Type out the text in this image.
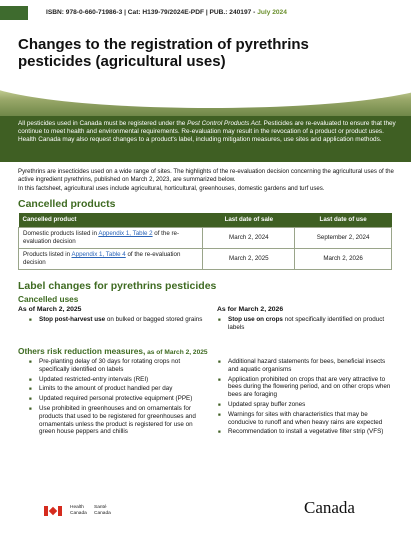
ISBN: 978-0-660-71986-3 | Cat: H139-79/2024E-PDF | PUB.: 240197 - July 2024
Changes to the registration of pyrethrins pesticides (agricultural uses)
All pesticides used in Canada must be registered under the Pest Control Products Act. Pesticides are re-evaluated to ensure that they continue to meet health and environmental requirements. Re-evaluation may result in the revocation of a product or product uses. Health Canada may also request changes to a product's label, including mitigation measures, use sites and application methods.
Pyrethrins are insecticides used on a wide range of sites. The highlights of the re-evaluation decision concerning the agricultural uses of the active ingredient pyrethrins, published on March 2, 2023, are summarized below.
In this factsheet, agricultural uses include agricultural, horticultural, greenhouses, domestic gardens and turf uses.
Cancelled products
Cancelled product	Last date of sale	Last date of use
Domestic products listed in Appendix 1, Table 2 of the re-evaluation decision	March 2, 2024	September 2, 2024
Products listed in Appendix 1, Table 4 of the re-evaluation decision	March 2, 2025	March 2, 2026
Label changes for pyrethrins pesticides
Cancelled uses
As of March 2, 2025
■ Stop post-harvest use on bulked or bagged stored grains
As for March 2, 2026
■ Stop use on crops not specifically identified on product labels
Others risk reduction measures, as of March 2, 2025
■ Pre-planting delay of 30 days for rotating crops not specifically identified on labels
■ Updated restricted-entry intervals (REI)
■ Limits to the amount of product handled per day
■ Updated required personal protective equipment (PPE)
■ Use prohibited in greenhouses and on ornamentals for products that used to be registered for greenhouses and ornamentals unless the product is registered for use on green house peppers and chillis
■ Additional hazard statements for bees, beneficial insects and aquatic organisms
■ Application prohibited on crops that are very attractive to bees during the flowering period, and on other crops when bees are foraging
■ Updated spray buffer zones
■ Warnings for sites with characteristics that may be conducive to runoff and when heavy rains are expected
■ Recommendation to install a vegetative filter strip (VFS)
Health
Canada
Santé
Canada	Canada
